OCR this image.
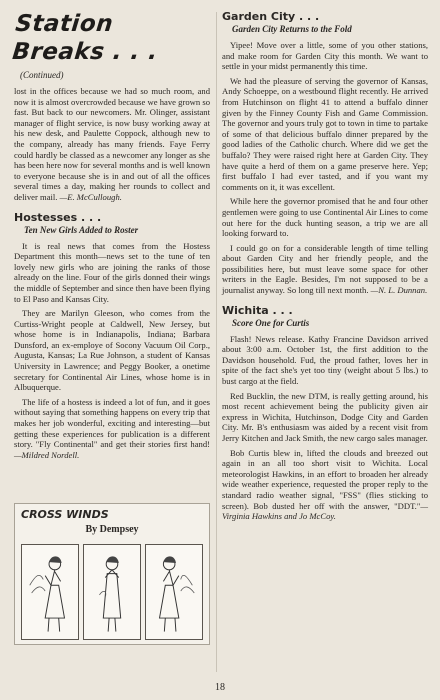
Station Breaks . . .
(Continued)

lost in the offices because we had so much room, and now it is almost overcrowded because we have grown so fast. But back to our newcomers. Mr. Olinger, assistant manager of flight service, is now busy working away at his new desk, and Paulette Coppock, although new to the company, already has many friends. Faye Ferry could hardly be classed as a newcomer any longer as she has been here now for several months and is well known to everyone because she is in and out of all the offices several times a day, making her rounds to collect and deliver mail. —E. McCullough.

Hostesses . . .
Ten New Girls Added to Roster

It is real news that comes from the Hostess Department this month—news set to the tune of ten lovely new girls who are joining the ranks of those already on the line. Four of the girls donned their wings the middle of September and since then have been flying to El Paso and Kansas City.

They are Marilyn Gleeson, who comes from the Curtiss-Wright people at Caldwell, New Jersey, but whose home is in Indianapolis, Indiana; Barbara Dunsford, an ex-employe of Socony Vacuum Oil Corp., Augusta, Kansas; La Rue Johnson, a student of Kansas University in Lawrence; and Peggy Booker, a onetime secretary for Continental Air Lines, whose home is in Albuquerque.

The life of a hostess is indeed a lot of fun, and it goes without saying that something happens on every trip that makes her job wonderful, exciting and interesting—but getting these experiences for publication is a different story. "Fly Continental" and get their stories first hand!—Mildred Nordell.

Garden City . . .
Garden City Returns to the Fold

Yipee! Move over a little, some of you other stations, and make room for Garden City this month. We want to settle in your midst permanently this time.

We had the pleasure of serving the governor of Kansas, Andy Schoeppe, on a westbound flight recently. He arrived from Hutchinson on flight 41 to attend a buffalo dinner given by the Finney County Fish and Game Commission. The governor and yours truly got to town in time to partake of some of that delicious buffalo dinner prepared by the good ladies of the Catholic church. Where did we get the buffalo? They were raised right here at Garden City. They have quite a herd of them on a game preserve here. Yep; first buffalo I had ever tasted, and if you want my comments on it, it was excellent.

While here the governor promised that he and four other gentlemen were going to use Continental Air Lines to come out here for the duck hunting season, a trip we are all looking forward to.

I could go on for a considerable length of time telling about Garden City and her friendly people, and the possibilities here, but must leave some space for other writers in the Eagle. Besides, I'm not supposed to be a journalist anyway. So long till next month. —N. L. Dunnan.

Wichita . . .
Score One for Curtis

Flash! News release. Kathy Francine Davidson arrived about 3:00 a.m. October 1st, the first addition to the Davidson household. Fud, the proud father, loves her in spite of the fact she's yet too tiny (weight about 5 lbs.) to bust cargo at the field.

Red Bucklin, the new DTM, is really getting around, his most recent achievement being the publicity given air express in Wichita, Hutchinson, Dodge City and Garden City. Mr. B's enthusiasm was aided by a recent visit from Jerry Kitchen and Jack Smith, the new cargo sales manager.

Bob Curtis blew in, lifted the clouds and breezed out again in an all too short visit to Wichita. Local meteorologist Hawkins, in an effort to broaden her already wide weather experience, requested the proper reply to the standard radio weather signal, "FSS" (flies sticking to screen). Bob dusted her off with the answer, "DDT."—Virginia Hawkins and Jo McCoy.

CROSS WINDS
By Dempsey
18
